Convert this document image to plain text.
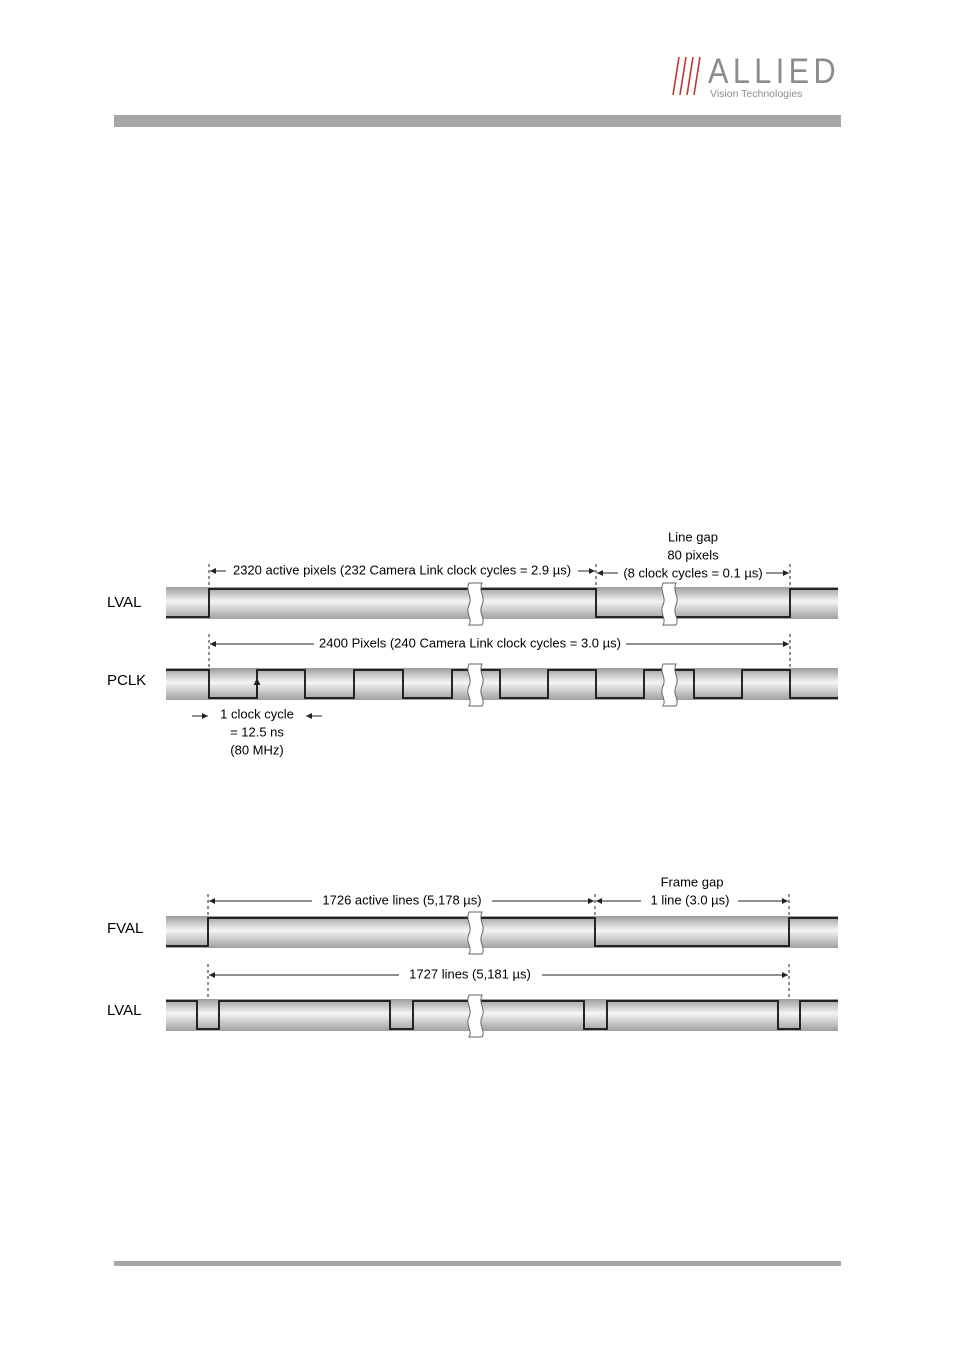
ALLIED
Vision Technologies
LVAL
PCLK
2320 active pixels (232 Camera Link clock cycles = 2.9 µs)
Line gap
80 pixels
(8 clock cycles = 0.1 µs)
2400 Pixels (240 Camera Link clock cycles = 3.0 µs)
1 clock cycle
= 12.5 ns
(80 MHz)
FVAL
LVAL
1726 active lines (5,178 µs)
Frame gap
1 line (3.0 µs)
1727 lines (5,181 µs)
